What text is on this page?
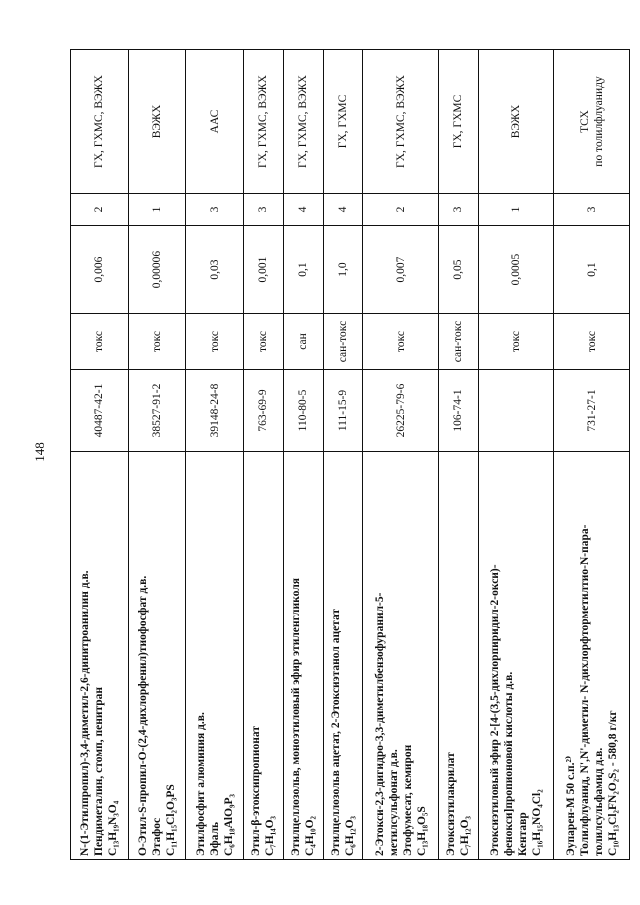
148
N-(1-Этилпропил)-3,4-диметил-2,6-динитроанилин д.в. Пендиметалин, стомп, пенитран C₁₃H₁₉N₃O₄	40487-42-1	токс	0,006	2	ГХ, ГХМС, ВЭЖХ

О-Этил-S-пропил-О-(2,4-дихлорфенил)тиофосфат д.в. Этафос C₁₁H₁₅Cl₂O₃PS	38527-91-2	токс	0,00006	1	ВЭЖХ

Этилфосфит алюминия д.в. Эфаль C₆H₁₈AlO₉P₃	39148-24-8	токс	0,03	3	ААС

Этил-β-этоксипропионат C₇H₁₄O₃	763-69-9	токс	0,001	3	ГХ, ГХМС, ВЭЖХ

Этилцеллозольв, моноэтиловый эфир этиленгликоля C₄H₁₀O₂	110-80-5	сан	0,1	4	ГХ, ГХМС, ВЭЖХ

Этилцеллозольв ацетат, 2-Этоксиэтанол ацетат C₆H₁₂O₃	111-15-9	сан-токс	1,0	4	ГХ, ГХМС

2-Этокси-2,3-дигидро-3,3-диметилбензофуранил-5- метилсульфонат д.в. Этофумесат, кемирон C₁₃H₁₈O₅S	26225-79-6	токс	0,007	2	ГХ, ГХМС, ВЭЖХ

Этоксиэтилакрилат C₇H₁₂O₃	106-74-1	сан-токс	0,05	3	ГХ, ГХМС

Этоксиэтиловый эфир 2-[4-(3,5-дихлорпиридил-2-окси)- фенокси]пропионовой кислоты д.в. Кентавр C₁₆H₁₅NO₄Cl₂		токс	0,0005	1	ВЭЖХ

Эупарен-М 50 с.п.²⁾ Толилфлуанид, N',N'-диметил- N-дихлорфторметилтио-N-пара- толилсульфамид д.в. C₁₀H₁₃Cl₂FN₂O₂S₂ - 580,8 г/кг	731-27-1	токс	0,1	3	ТСХ по толилфлуаниду
